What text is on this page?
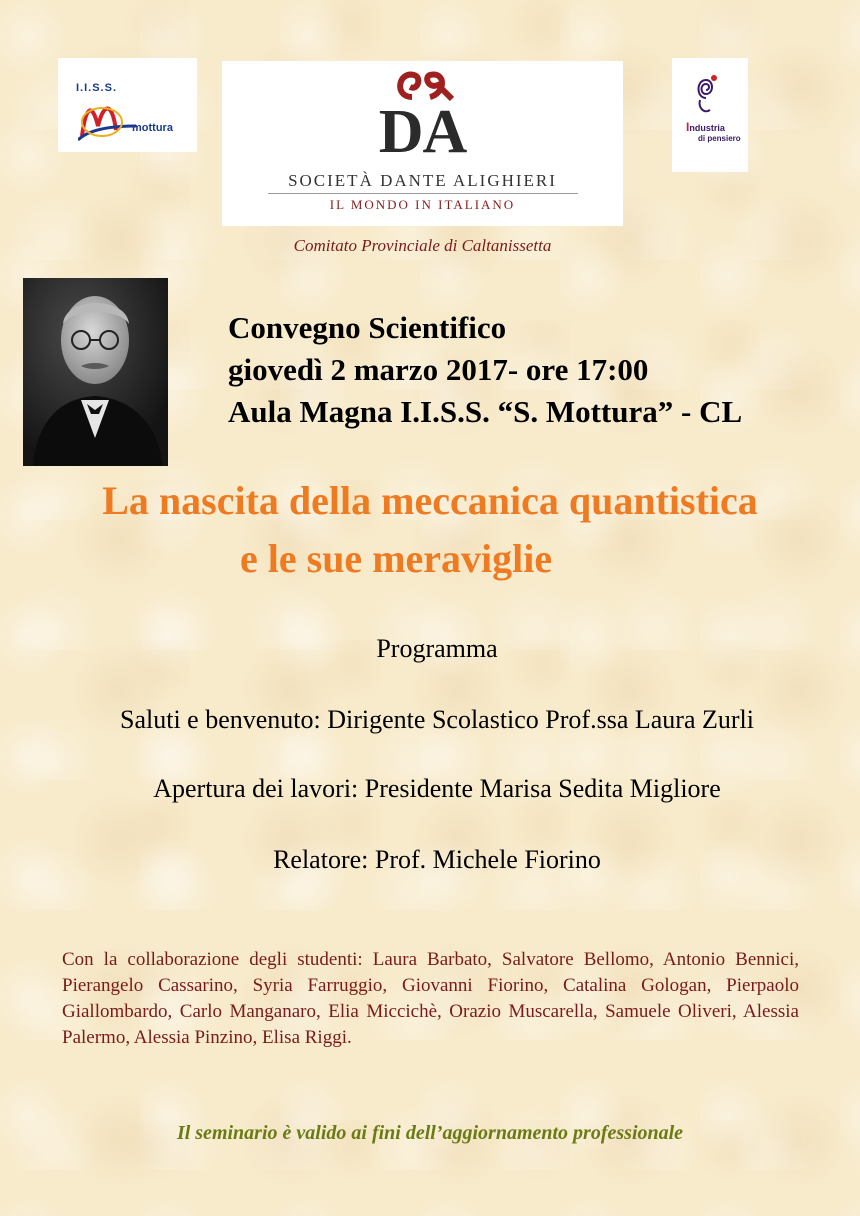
I.I.S.S.
mottura	DA
SOCIETÀ DANTE ALIGHIERI
IL MONDO IN ITALIANO
Industria
di pensiero
Comitato Provinciale di Caltanissetta
Convegno Scientifico
giovedì 2 marzo 2017- ore 17:00
Aula Magna I.I.S.S. “S. Mottura” - CL
La nascita della meccanica quantistica
e le sue meraviglie
Programma
Saluti e benvenuto: Dirigente Scolastico Prof.ssa Laura Zurli
Apertura dei lavori: Presidente Marisa Sedita Migliore
Relatore: Prof. Michele Fiorino
Con la collaborazione degli studenti: Laura Barbato, Salvatore Bellomo, Antonio Bennici, Pierangelo Cassarino, Syria Farruggio, Giovanni Fiorino, Catalina Gologan, Pierpaolo Giallombardo, Carlo Manganaro, Elia Miccichè, Orazio Muscarella, Samuele Oliveri, Alessia Palermo, Alessia Pinzino, Elisa Riggi.
Il seminario è valido ai fini dell’aggiornamento professionale
